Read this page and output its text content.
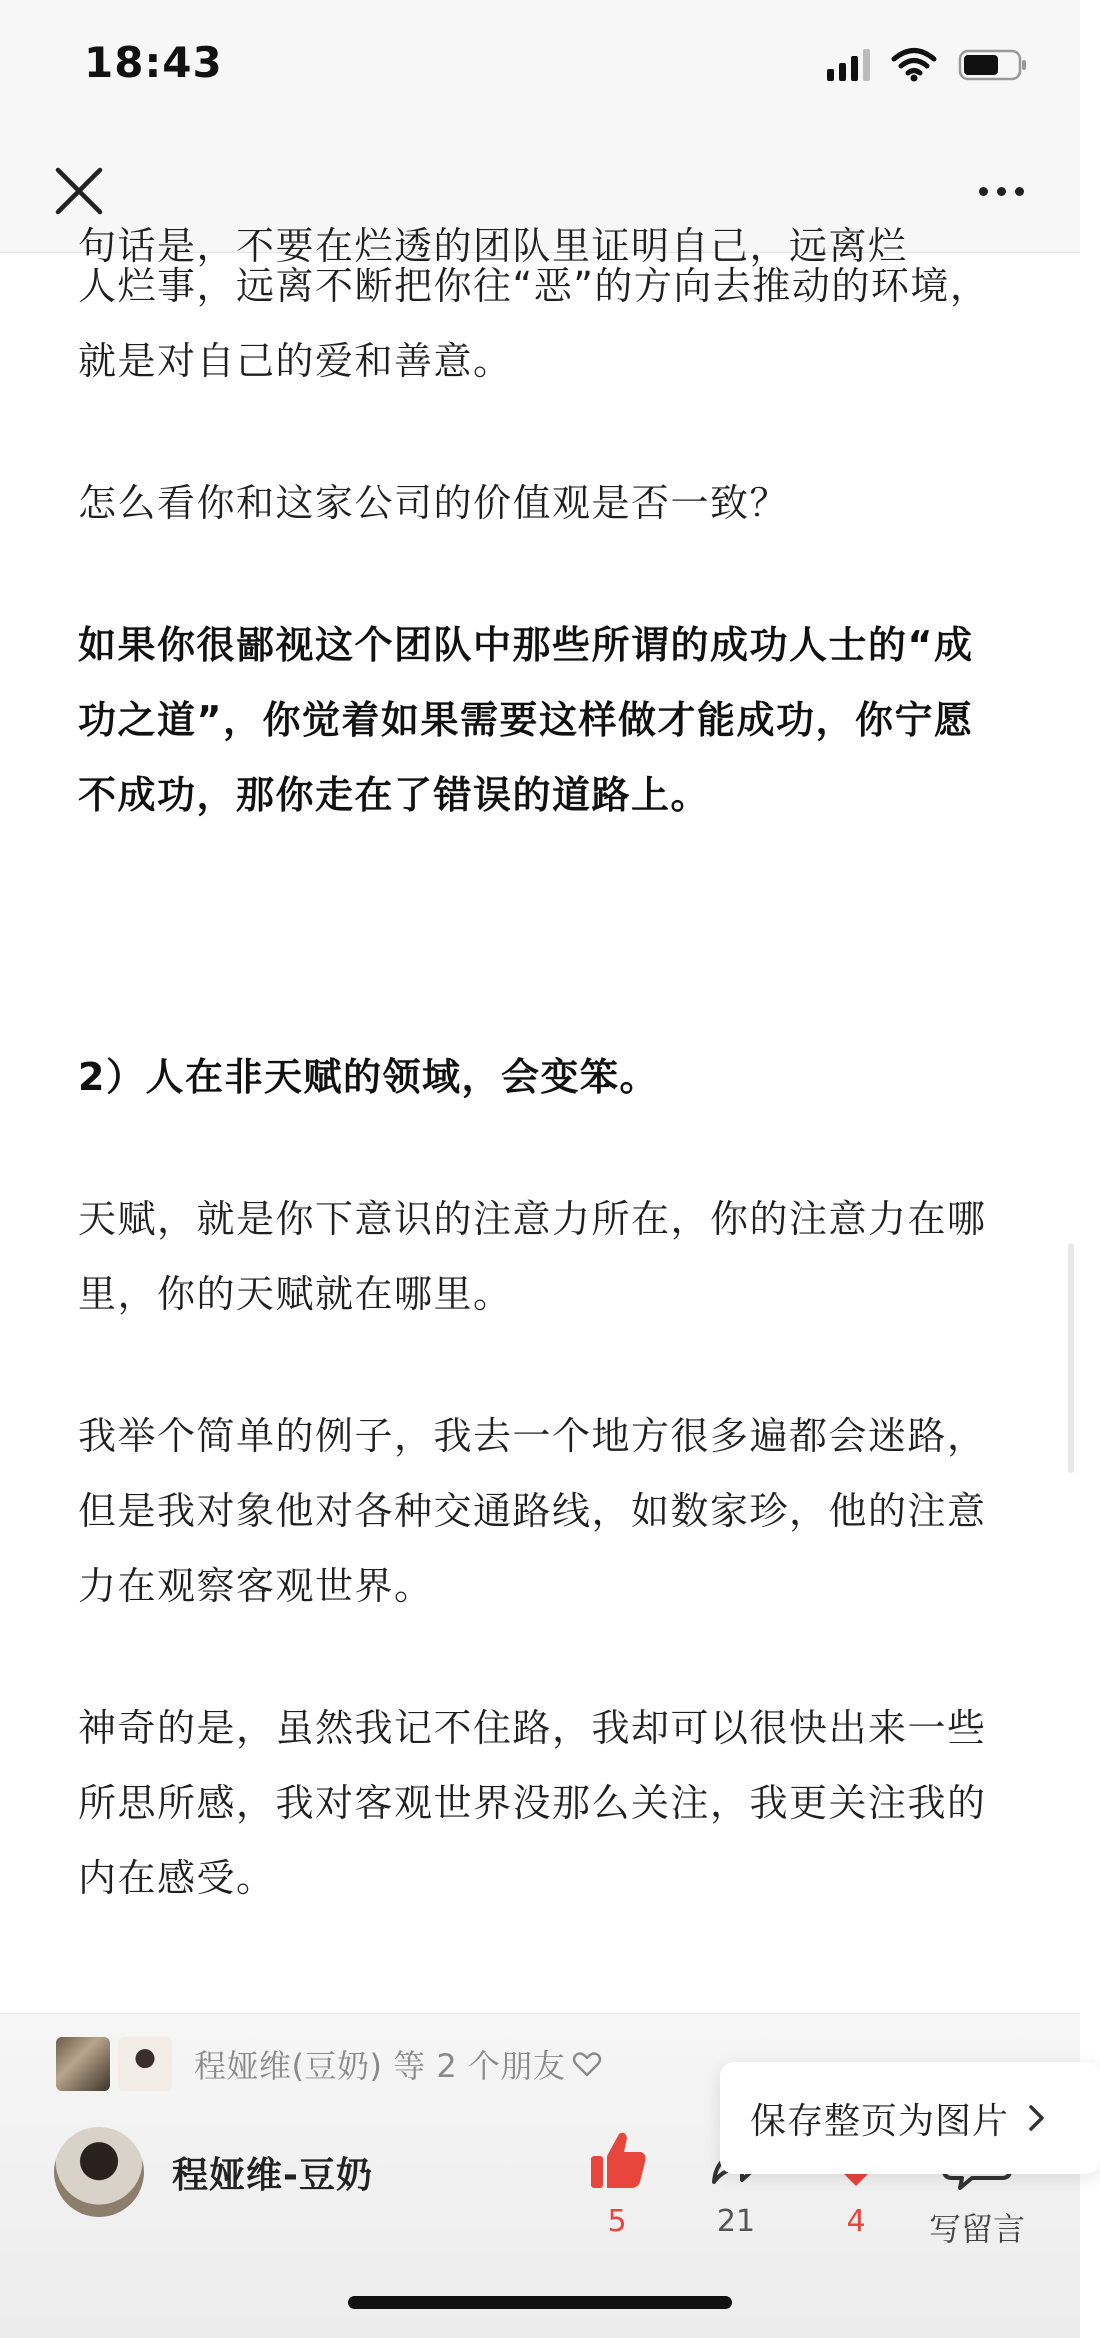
18:43

句话是，不要在烂透的团队里证明自己，远离烂

人烂事，远离不断把你往“恶”的方向去推动的环境，就是对自己的爱和善意。

怎么看你和这家公司的价值观是否一致？

如果你很鄙视这个团队中那些所谓的成功人士的“成功之道”，你觉着如果需要这样做才能成功，你宁愿不成功，那你走在了错误的道路上。

2）人在非天赋的领域，会变笨。

天赋，就是你下意识的注意力所在，你的注意力在哪里，你的天赋就在哪里。

我举个简单的例子，我去一个地方很多遍都会迷路，但是我对象他对各种交通路线，如数家珍，他的注意力在观察客观世界。

神奇的是，虽然我记不住路，我却可以很快出来一些所思所感，我对客观世界没那么关注，我更关注我的内在感受。

程娅维(豆奶) 等 2 个朋友
程娅维-豆奶
5	21	4	写留言
保存整页为图片
